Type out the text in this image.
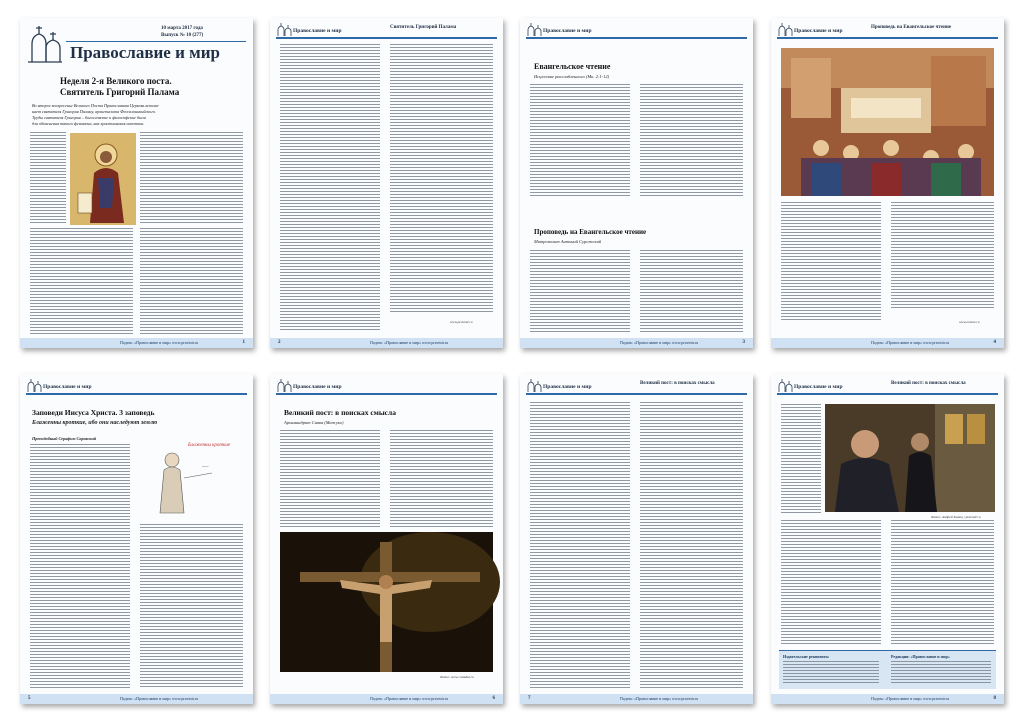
10 марта 2017 года
Выпуск № 10 (277)
Православие и мир
Неделя 2-я Великого поста.
Святитель Григорий Палама
Во второе воскресенье Великого Поста Православная Церковь вспоми-
нает святителя Григория Паламу, архиепископа Фессалоникийского.
Труды святителя Григория – богословские и философские были
для объяснения такого феномена, как христианская аскетика.
Подать: «Православие и мир» www.pravmir.ru	1
Православие и мир
Святитель Григорий Палама
www.pravmir.ru
2	Подать: «Православие и мир» www.pravmir.ru
Православие и мир
Евангельское чтение
Исцеление расслабленного (Мк. 2:1-12)
Проповедь на Евангельское чтение
Митрополит Антоний Сурожский
Подать: «Православие и мир» www.pravmir.ru	3
Православие и мир
Проповедь на Евангельское чтение
www.oslove.ru
Подать: «Православие и мир» www.pravmir.ru	4
Православие и мир
Заповеди Иисуса Христа. 3 заповедь
Блаженны кроткие, ибо они наследуют землю
Преподобный Серафим Саровский
Блаженны кроткие
~~~
5	Подать: «Православие и мир» www.pravmir.ru
Православие и мир
Великий пост: в поисках смысла
Архимандрит Савва (Мажуко)
Фото: www.rusizdat.ru
Подать: «Православие и мир» www.pravmir.ru	6
Православие и мир
Великий пост: в поисках смысла
7	Подать: «Православие и мир» www.pravmir.ru
Православие и мир
Великий пост: в поисках смысла
Фото: Андрей Заятц / pravmir.ru
Издательские реквизиты	Редакция: «Православие и мир»
Подать: «Православие и мир» www.pravmir.ru	8
